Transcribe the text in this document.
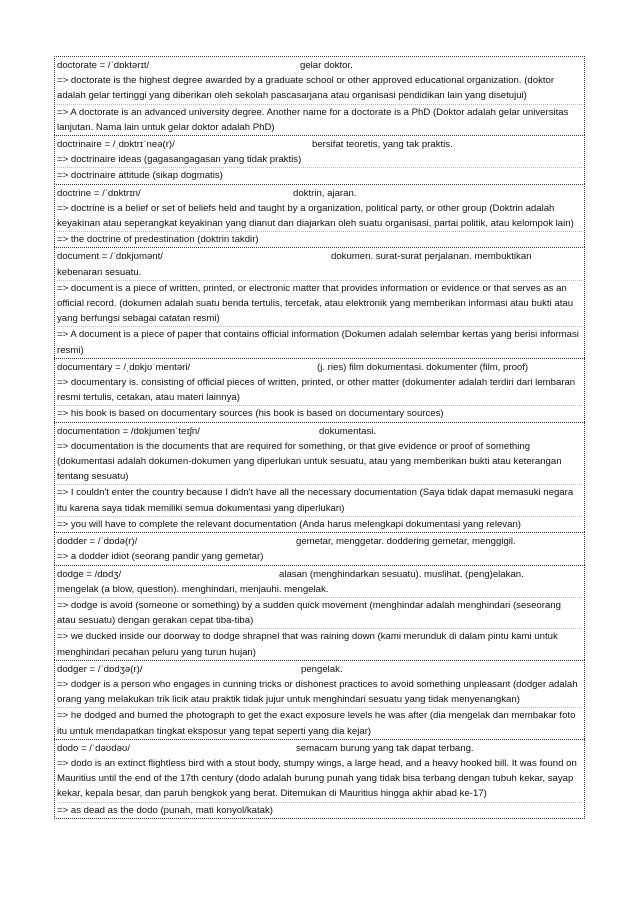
doctorate = /ˈdɒktərɪt/	gelar doktor.
=> doctorate is the highest degree awarded by a graduate school or other approved educational organization. (doktor adalah gelar tertinggi yang diberikan oleh sekolah pascasarjana atau organisasi pendidikan lain yang disetujui)
=> A doctorate is an advanced university degree. Another name for a doctorate is a PhD (Doktor adalah gelar universitas lanjutan. Nama lain untuk gelar doktor adalah PhD)
doctrinaire = /ˌdɒktrɪˈneə(r)/	bersifat teoretis, yang tak praktis.
=> doctrinaire ideas (gagasangagasan yang tidak praktis)
=> doctrinaire attitude (sikap dogmatis)
doctrine = /ˈdɒktrɪn/	doktrin, ajaran.
=> doctrine is a belief or set of beliefs held and taught by a organization, political party, or other group (Doktrin adalah keyakinan atau seperangkat keyakinan yang dianut dan diajarkan oleh suatu organisasi, partai politik, atau kelompok lain)
=> the doctrine of predestination (doktrin takdir)
document = /ˈdɒkjʊmənt/	dokumen. surat-surat perjalanan. membuktikan
kebenaran sesuatu.
=> document is a piece of written, printed, or electronic matter that provides information or evidence or that serves as an official record. (dokumen adalah suatu benda tertulis, tercetak, atau elektronik yang memberikan informasi atau bukti atau yang berfungsi sebagai catatan resmi)
=> A document is a piece of paper that contains official information (Dokumen adalah selembar kertas yang berisi informasi resmi)
documentary = /ˌdɒkjʊˈmentəri/	(j. ries) film dokumentasi. dokumenter (film, proof)
=> documentary is. consisting of official pieces of written, printed, or other matter (dokumenter adalah terdiri dari lembaran resmi tertulis, cetakan, atau materi lainnya)
=> his book is based on documentary sources (his book is based on documentary sources)
documentation = /dɒkjumenˈteɪʃn/	dokumentasi.
=> documentation is the documents that are required for something, or that give evidence or proof of something (dokumentasi adalah dokumen-dokumen yang diperlukan untuk sesuatu, atau yang memberikan bukti atau keterangan tentang sesuatu)
=> I couldn't enter the country because I didn't have all the necessary documentation (Saya tidak dapat memasuki negara itu karena saya tidak memiliki semua dokumentasi yang diperlukan)
=> you will have to complete the relevant documentation (Anda harus melengkapi dokumentasi yang relevan)
dodder = /ˈdɒdə(r)/	gemetar, menggetar. doddering gemetar, menggigil.
=> a dodder idiot (seorang pandir yang gemetar)
dodge = /dɒdʒ/	alasan (menghindarkan sesuatu). muslihat. (peng)elakan.
mengelak (a blow, question). menghindari, menjauhi. mengelak.
=> dodge is avoid (someone or something) by a sudden quick movement (menghindar adalah menghindari (seseorang atau sesuatu) dengan gerakan cepat tiba-tiba)
=> we ducked inside our doorway to dodge shrapnel that was raining down (kami merunduk di dalam pintu kami untuk menghindari pecahan peluru yang turun hujan)
dodger = /ˈdɒdʒə(r)/	pengelak.
=> dodger is a person who engages in cunning tricks or dishonest practices to avoid something unpleasant (dodger adalah orang yang melakukan trik licik atau praktik tidak jujur untuk menghindari sesuatu yang tidak menyenangkan)
=> he dodged and burned the photograph to get the exact exposure levels he was after (dia mengelak dan membakar foto itu untuk mendapatkan tingkat eksposur yang tepat seperti yang dia kejar)
dodo = /ˈdəʊdəʊ/	semacam burung yang tak dapat terbang.
=> dodo is an extinct flightless bird with a stout body, stumpy wings, a large head, and a heavy hooked bill. It was found on Mauritius until the end of the 17th century (dodo adalah burung punah yang tidak bisa terbang dengan tubuh kekar, sayap kekar, kepala besar, dan paruh bengkok yang berat. Ditemukan di Mauritius hingga akhir abad ke-17)
=> as dead as the dodo (punah, mati konyol/katak)
